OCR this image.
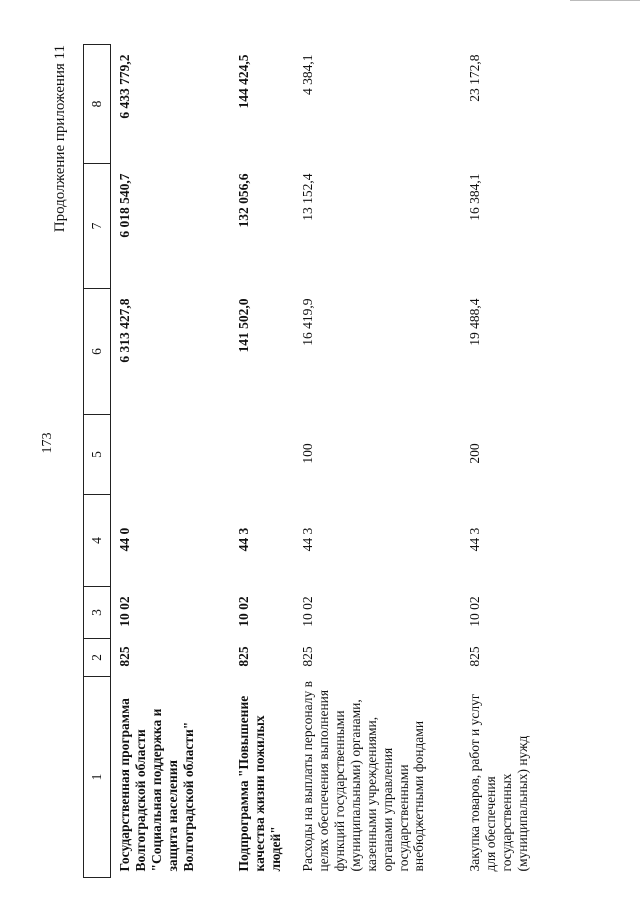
173
Продолжение приложения 11
1	2	3	4	5	6	7	8
Государственная программа Волгоградской области "Социальная поддержка и защита населения Волгоградской области"	825	10 02	44 0		6 313 427,8	6 018 540,7	6 433 779,2
Подпрограмма "Повышение качества жизни пожилых людей"	825	10 02	44 3		141 502,0	132 056,6	144 424,5
Расходы на выплаты персоналу в целях обеспечения выполнения функций государственными (муниципальными) органами, казенными учреждениями, органами управления государственными внебюджетными фондами	825	10 02	44 3	100	16 419,9	13 152,4	4 384,1
Закупка товаров, работ и услуг для обеспечения государственных (муниципальных) нужд	825	10 02	44 3	200	19 488,4	16 384,1	23 172,8
